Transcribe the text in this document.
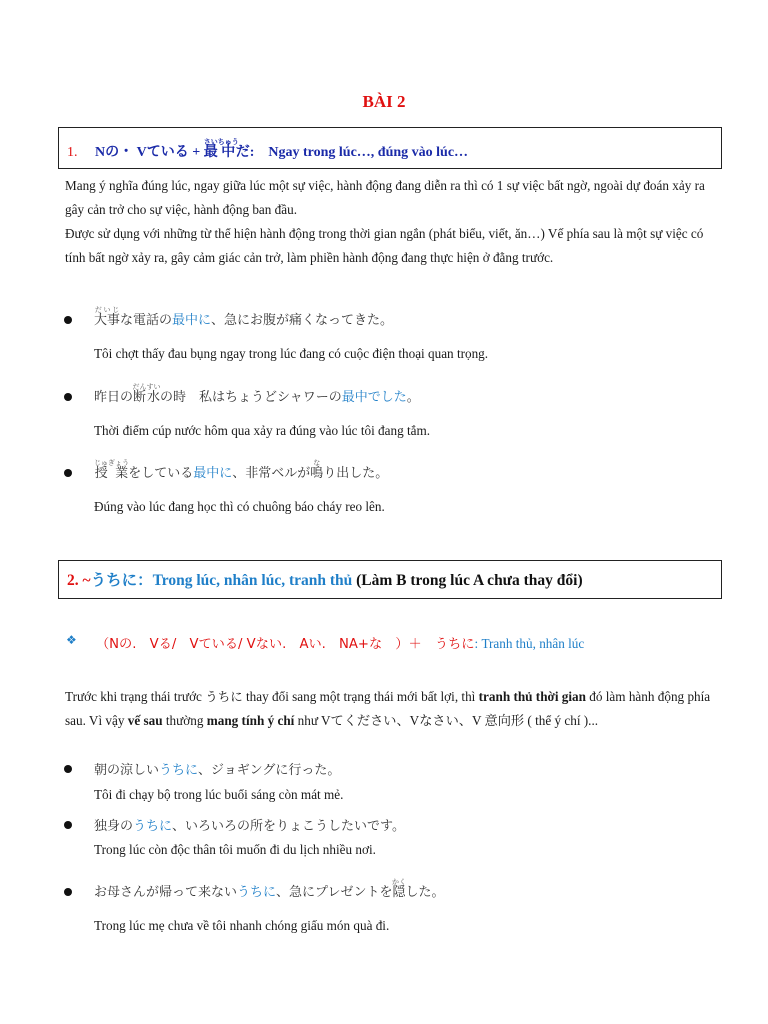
BÀI 2
1. Nの・ Vている + 最さい中ちゅうだ: Ngay trong lúc…, đúng vào lúc…
Mang ý nghĩa đúng lúc, ngay giữa lúc một sự việc, hành động đang diễn ra thì có 1 sự việc bất ngờ, ngoài dự đoán xảy ra gây cản trở cho sự việc, hành động ban đầu.
Được sử dụng với những từ thể hiện hành động trong thời gian ngắn (phát biểu, viết, ăn…) Vế phía sau là một sự việc có tính bất ngờ xảy ra, gây cảm giác cản trở, làm phiền hành động đang thực hiện ở đằng trước.
大事だいじな電話の最中に、急にお腹が痛くなってきた。
Tôi chợt thấy đau bụng ngay trong lúc đang có cuộc điện thoại quan trọng.
昨日の断水だんすいの時　私はちょうどシャワーの最中でした。
Thời điểm cúp nước hôm qua xảy ra đúng vào lúc tôi đang tắm.
授 業じゅぎょうをしている最中に、非常ベルが鳴なり出した。
Đúng vào lúc đang học thì có chuông báo cháy reo lên.
2. ~うちに：Trong lúc, nhân lúc, tranh thủ (Làm B trong lúc A chưa thay đổi)
❖ （Nの.　Vる/　Vている/ Vない.　Aい.　NA+な　）＋　うちに: Tranh thủ, nhân lúc
Trước khi trạng thái trước うちに thay đổi sang một trạng thái mới bất lợi, thì tranh thủ thời gian đó làm hành động phía sau. Vì vậy vế sau thường mang tính ý chí như Vてください、Vなさい、V 意向形 ( thể ý chí )...
朝の涼しいうちに、ジョギングに行った。
Tôi đi chạy bộ trong lúc buổi sáng còn mát mẻ.
独身のうちに、いろいろの所をりょこうしたいです。
Trong lúc còn độc thân tôi muốn đi du lịch nhiều nơi.
お母さんが帰って来ないうちに、急にプレゼントを隠かくした。
Trong lúc mẹ chưa về tôi nhanh chóng giấu món quà đi.
